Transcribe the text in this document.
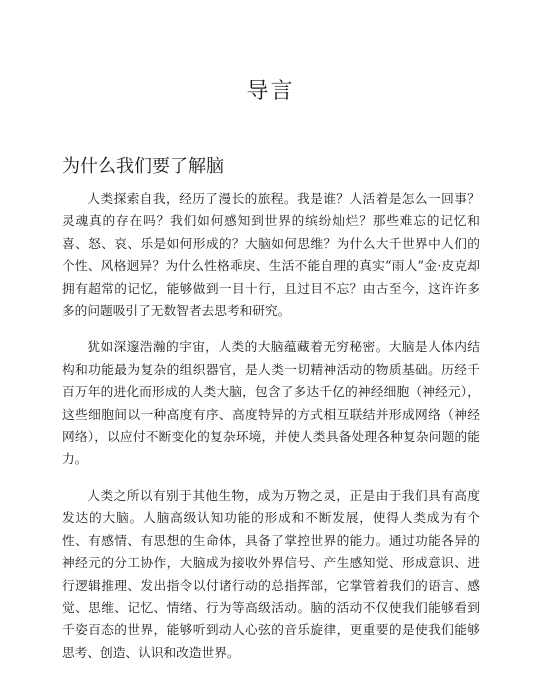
导言
为什么我们要了解脑

人类探索自我，经历了漫长的旅程。我是谁？人活着是怎么一回事？灵魂真的存在吗？我们如何感知到世界的缤纷灿烂？那些难忘的记忆和喜、怒、哀、乐是如何形成的？大脑如何思维？为什么大千世界中人们的个性、风格迥异？为什么性格乖戾、生活不能自理的真实“雨人”金·皮克却拥有超常的记忆，能够做到一目十行，且过目不忘？由古至今，这许许多多的问题吸引了无数智者去思考和研究。

犹如深邃浩瀚的宇宙，人类的大脑蕴藏着无穷秘密。大脑是人体内结构和功能最为复杂的组织器官，是人类一切精神活动的物质基础。历经千百万年的进化而形成的人类大脑，包含了多达千亿的神经细胞（神经元），这些细胞间以一种高度有序、高度特异的方式相互联结并形成网络（神经网络），以应付不断变化的复杂环境，并使人类具备处理各种复杂问题的能力。

人类之所以有别于其他生物，成为万物之灵，正是由于我们具有高度发达的大脑。人脑高级认知功能的形成和不断发展，使得人类成为有个性、有感情、有思想的生命体，具备了掌控世界的能力。通过功能各异的神经元的分工协作，大脑成为接收外界信号、产生感知觉、形成意识、进行逻辑推理、发出指令以付诸行动的总指挥部，它掌管着我们的语言、感觉、思维、记忆、情绪、行为等高级活动。脑的活动不仅使我们能够看到千姿百态的世界，能够听到动人心弦的音乐旋律，更重要的是使我们能够思考、创造、认识和改造世界。
